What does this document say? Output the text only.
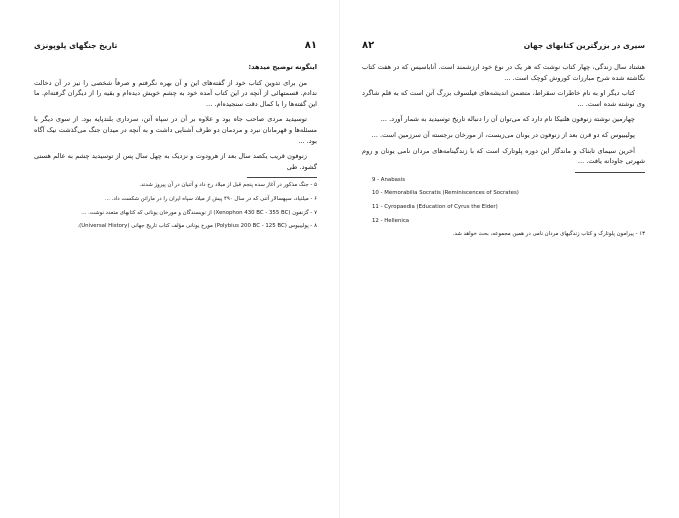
۸۱
تاریخ جنگهای پلوپونزی

اینگونه توضیح میدهد:

من برای تدوین کتاب خود از گفته‌های این و آن بهره نگرفتم و صرفاً شخصی را نیز در آن دخالت ندادم. قسمتهائی از آنچه در این کتاب آمده خود به چشم خویش دیده‌ام و بقیه را از دیگران گرفته‌ام. ما این گفته‌ها را با کمال دقت سنجیده‌ام. ...

توسیدید مردی صاحب جاه بود و علاوه بر آن در سپاه آتن، سرداری بلندپایه بود. از سوی دیگر با مسئله‌ها و قهرمانان نبرد و مردمان دو طرف آشنایی داشت و به آنچه در میدان جنگ می‌گذشت نیک آگاه بود. ...

زنوفون قریب یکصد سال بعد از هرودوت و نزدیک به چهل سال پس از توسیدید چشم به عالم هستی گشود. طی

۵ - جنگ مذکور در آغاز سده پنجم قبل از میلاد رخ داد و آتنیان در آن پیروز شدند.

۶ - میلتیاد، سپهسالار آتنی که در سال ۴۹۰ پیش از میلاد سپاه ایران را در ماراتن شکست داد. ...

۷ - گزنفون (Xenophon 430 BC - 355 BC) از نویسندگان و مورخان یونانی که کتابهای متعدد نوشت. ...

۸ - پولیبیوس (Polybius 200 BC - 125 BC) مورخ یونانی مؤلف کتاب تاریخ جهانی (Universal History).

سیری در بزرگترین کتابهای جهان
۸۲

هشتاد سال زندگی، چهار کتاب نوشت که هر یک در نوع خود ارزشمند است. آناباسیس که در هفت کتاب نگاشته شده شرح مبارزات کوروش کوچک است. ...

کتاب دیگر او به نام خاطرات سقراط، متضمن اندیشه‌های فیلسوف بزرگ آتن است که به قلم شاگرد وی نوشته شده است. ...

چهارمین نوشته زنوفون هلنیکا نام دارد که می‌توان آن را دنباله تاریخ توسیدید به شمار آورد. ...

پولیبیوس که دو قرن بعد از زنوفون در یونان می‌زیست، از مورخان برجسته آن سرزمین است. ...

آخرین سیمای تابناک و ماندگار این دوره پلوتارک است که با زندگینامه‌های مردان نامی یونان و روم شهرتی جاودانه یافت. ...

9 - Anabasis

10 - Memorabilia Socratis (Reminiscences of Socrates)

11 - Cyropaedia (Education of Cyrus the Elder)

12 - Hellenica

۱۳ - پیرامون پلوتارک و کتاب زندگیهای مردان نامی در همین مجموعه، بحث خواهد شد.
